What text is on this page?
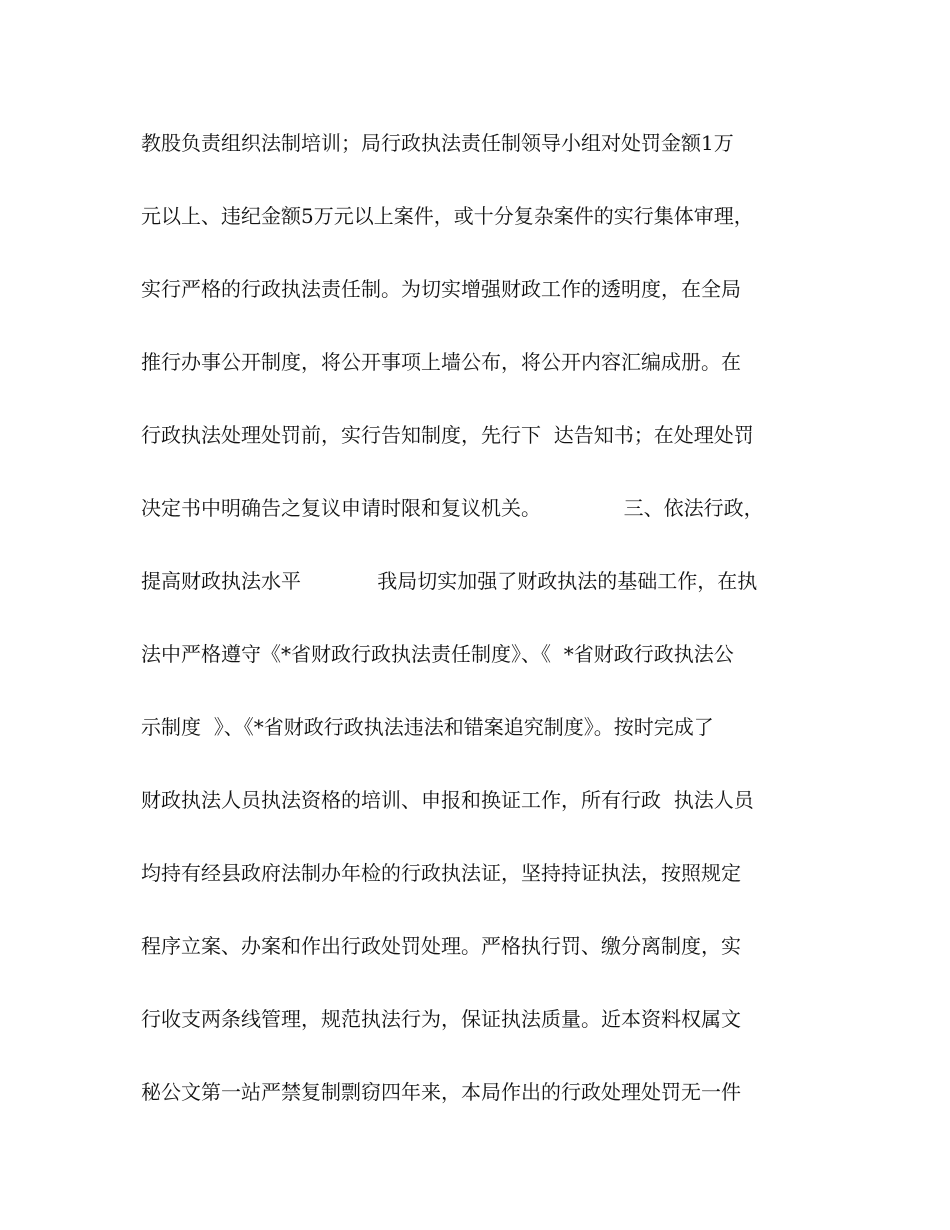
教股负责组织法制培训；局行政执法责任制领导小组对处罚金额1万
元以上、违纪金额5万元以上案件，或十分复杂案件的实行集体审理，
实行严格的行政执法责任制。为切实增强财政工作的透明度，在全局
推行办事公开制度，将公开事项上墙公布，将公开内容汇编成册。在
行政执法处理处罚前，实行告知制度，先行下  达告知书；在处理处罚
决定书中明确告之复议申请时限和复议机关。             三、依法行政，
提高财政执法水平            我局切实加强了财政执法的基础工作，在执
法中严格遵守《*省财政行政执法责任制度》、《  *省财政行政执法公
示制度  》、《*省财政行政执法违法和错案追究制度》。按时完成了
财政执法人员执法资格的培训、申报和换证工作，所有行政  执法人员
均持有经县政府法制办年检的行政执法证，坚持持证执法，按照规定
程序立案、办案和作出行政处罚处理。严格执行罚、缴分离制度，实
行收支两条线管理，规范执法行为，保证执法质量。近本资料权属文
秘公文第一站严禁复制剽窃四年来，本局作出的行政处理处罚无一件
